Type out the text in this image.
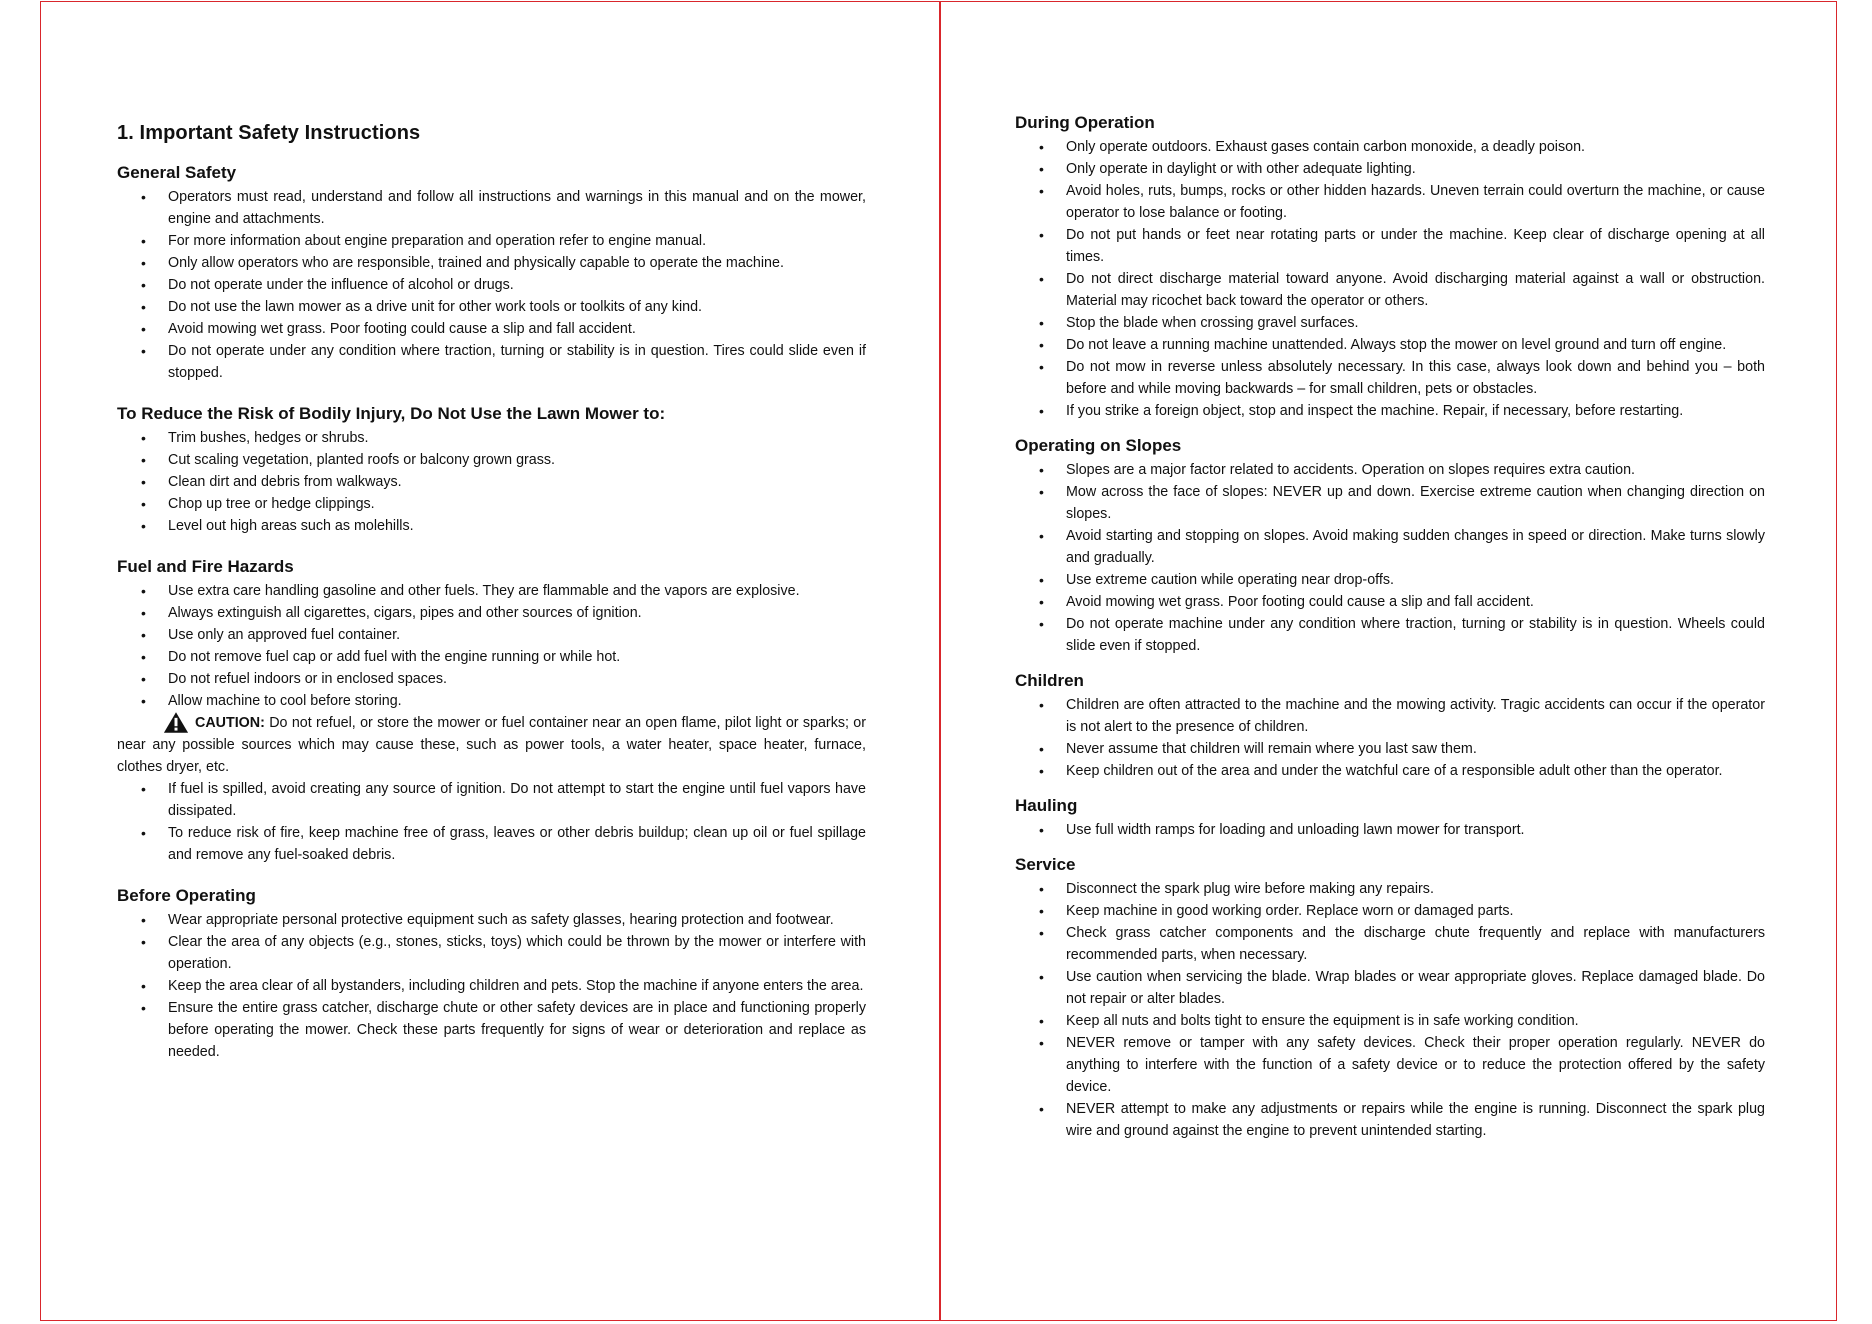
1. Important Safety Instructions
General Safety
• Operators must read, understand and follow all instructions and warnings in this manual and on the mower, engine and attachments.
• For more information about engine preparation and operation refer to engine manual.
• Only allow operators who are responsible, trained and physically capable to operate the machine.
• Do not operate under the influence of alcohol or drugs.
• Do not use the lawn mower as a drive unit for other work tools or toolkits of any kind.
• Avoid mowing wet grass. Poor footing could cause a slip and fall accident.
• Do not operate under any condition where traction, turning or stability is in question. Tires could slide even if stopped.
To Reduce the Risk of Bodily Injury, Do Not Use the Lawn Mower to:
• Trim bushes, hedges or shrubs.
• Cut scaling vegetation, planted roofs or balcony grown grass.
• Clean dirt and debris from walkways.
• Chop up tree or hedge clippings.
• Level out high areas such as molehills.
Fuel and Fire Hazards
• Use extra care handling gasoline and other fuels. They are flammable and the vapors are explosive.
• Always extinguish all cigarettes, cigars, pipes and other sources of ignition.
• Use only an approved fuel container.
• Do not remove fuel cap or add fuel with the engine running or while hot.
• Do not refuel indoors or in enclosed spaces.
• Allow machine to cool before storing.
CAUTION: Do not refuel, or store the mower or fuel container near an open flame, pilot light or sparks; or near any possible sources which may cause these, such as power tools, a water heater, space heater, furnace, clothes dryer, etc.
• If fuel is spilled, avoid creating any source of ignition. Do not attempt to start the engine until fuel vapors have dissipated.
• To reduce risk of fire, keep machine free of grass, leaves or other debris buildup; clean up oil or fuel spillage and remove any fuel-soaked debris.
Before Operating
• Wear appropriate personal protective equipment such as safety glasses, hearing protection and footwear.
• Clear the area of any objects (e.g., stones, sticks, toys) which could be thrown by the mower or interfere with operation.
• Keep the area clear of all bystanders, including children and pets. Stop the machine if anyone enters the area.
• Ensure the entire grass catcher, discharge chute or other safety devices are in place and functioning properly before operating the mower. Check these parts frequently for signs of wear or deterioration and replace as needed.
During Operation
• Only operate outdoors. Exhaust gases contain carbon monoxide, a deadly poison.
• Only operate in daylight or with other adequate lighting.
• Avoid holes, ruts, bumps, rocks or other hidden hazards. Uneven terrain could overturn the machine, or cause operator to lose balance or footing.
• Do not put hands or feet near rotating parts or under the machine. Keep clear of discharge opening at all times.
• Do not direct discharge material toward anyone. Avoid discharging material against a wall or obstruction. Material may ricochet back toward the operator or others.
• Stop the blade when crossing gravel surfaces.
• Do not leave a running machine unattended. Always stop the mower on level ground and turn off engine.
• Do not mow in reverse unless absolutely necessary. In this case, always look down and behind you – both before and while moving backwards – for small children, pets or obstacles.
• If you strike a foreign object, stop and inspect the machine. Repair, if necessary, before restarting.
Operating on Slopes
• Slopes are a major factor related to accidents. Operation on slopes requires extra caution.
• Mow across the face of slopes: NEVER up and down. Exercise extreme caution when changing direction on slopes.
• Avoid starting and stopping on slopes. Avoid making sudden changes in speed or direction. Make turns slowly and gradually.
• Use extreme caution while operating near drop-offs.
• Avoid mowing wet grass. Poor footing could cause a slip and fall accident.
• Do not operate machine under any condition where traction, turning or stability is in question. Wheels could slide even if stopped.
Children
• Children are often attracted to the machine and the mowing activity. Tragic accidents can occur if the operator is not alert to the presence of children.
• Never assume that children will remain where you last saw them.
• Keep children out of the area and under the watchful care of a responsible adult other than the operator.
Hauling
• Use full width ramps for loading and unloading lawn mower for transport.
Service
• Disconnect the spark plug wire before making any repairs.
• Keep machine in good working order. Replace worn or damaged parts.
• Check grass catcher components and the discharge chute frequently and replace with manufacturers recommended parts, when necessary.
• Use caution when servicing the blade. Wrap blades or wear appropriate gloves. Replace damaged blade. Do not repair or alter blades.
• Keep all nuts and bolts tight to ensure the equipment is in safe working condition.
• NEVER remove or tamper with any safety devices. Check their proper operation regularly. NEVER do anything to interfere with the function of a safety device or to reduce the protection offered by the safety device.
• NEVER attempt to make any adjustments or repairs while the engine is running. Disconnect the spark plug wire and ground against the engine to prevent unintended starting.
